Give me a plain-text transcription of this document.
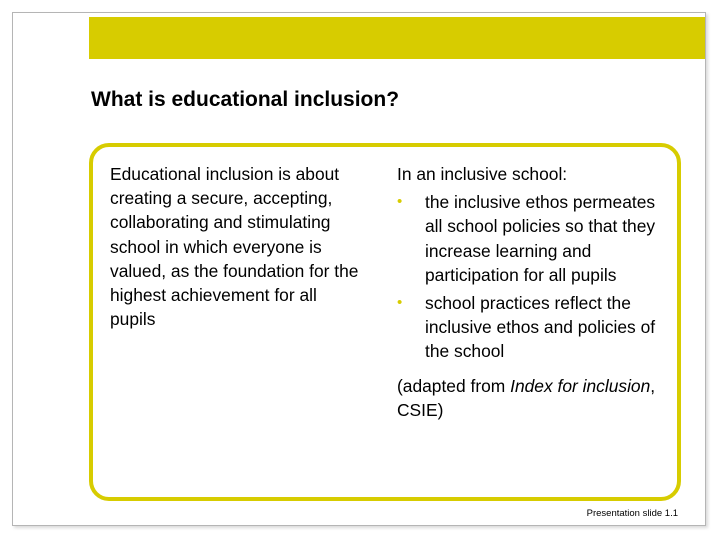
What is educational inclusion?
Educational inclusion is about creating a secure, accepting, collaborating and stimulating school in which everyone is valued, as the foundation for the highest achievement for all pupils
In an inclusive school:
• the inclusive ethos permeates all school policies so that they increase learning and participation for all pupils
• school practices reflect the inclusive ethos and policies of the school
(adapted from Index for inclusion, CSIE)
Presentation slide 1.1
